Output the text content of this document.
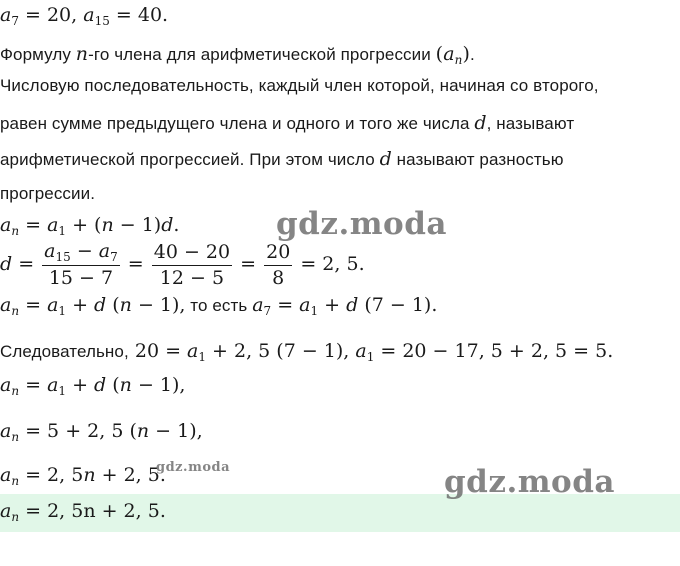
$a_7 = 20$, $a_{15} = 40$.
Формулу n-го члена для арифметической прогрессии $(a_n)$.
Числовую последовательность, каждый член которой, начиная со второго,
равен сумме предыдущего члена и одного и того же числа d, называют
арифметической прогрессией. При этом число d называют разностью
прогрессии.
$a_n = a_1 + (n - 1)d$.
$d = \frac{a_{15} - a_7}{15 - 7} = \frac{40 - 20}{12 - 5} = \frac{20}{8} = 2$, 5.
$a_n = a_1 + d$ (n − 1), то есть $a_7 = a_1 + d$ (7 − 1).
Следовательно, $20 = a_1 + 2$, 5 (7 − 1), $a_1 = 20 - 17$, 5 + 2, 5 = 5.
$a_n = a_1 + d$ (n − 1),
$a_n = 5 + 2$, 5 (n − 1),
$a_n = 2$, 5n + 2, 5.
$a_n = 2$, 5n + 2, 5.
gdz.moda
gdz.moda	gdz.moda
